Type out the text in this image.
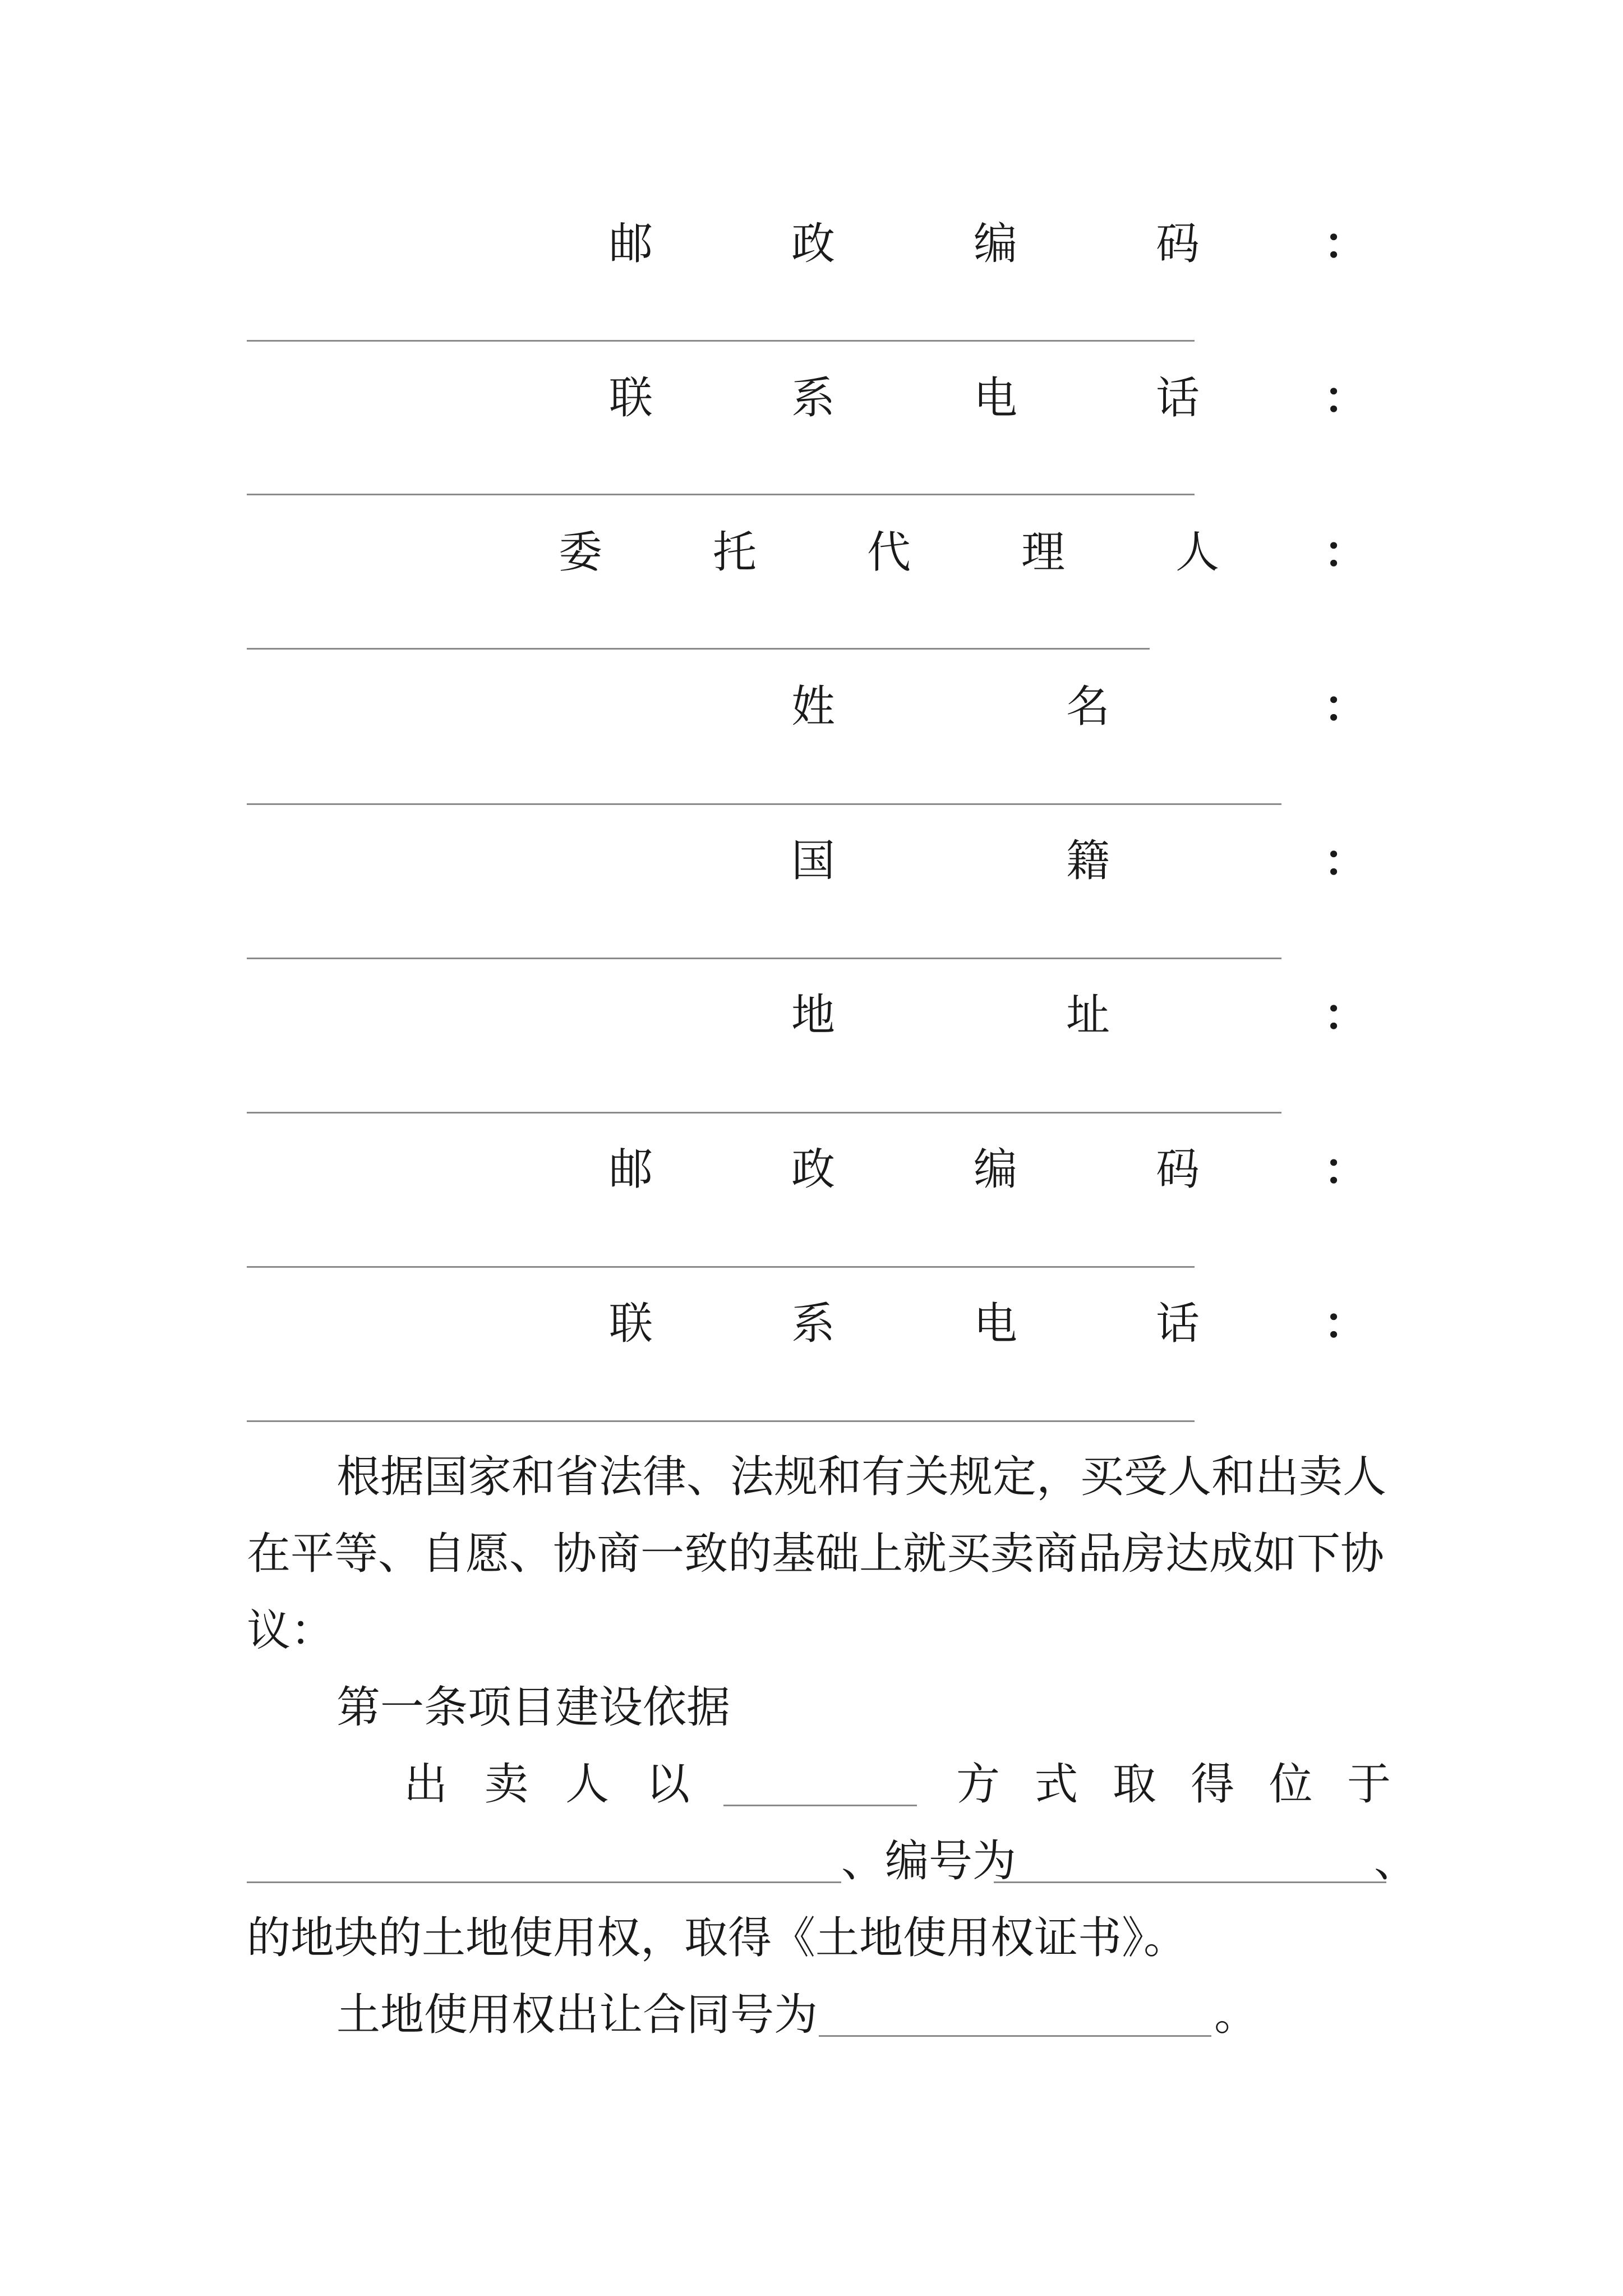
邮	政	编	码	：
联	系	电	话	：
委	托	代	理	人 ：
姓	名	：
国	籍	：
地	址	：
邮	政	编	码	：
联	系	电	话	：
根据国家和省法律、法规和有关规定，买受人和出卖人在平等、自愿、协商一致的基础上就买卖商品房达成如下协议：
第一条项目建设依据
出 卖 人 以	方 式 取 得 位 于
、编号为	、
的地块的土地使用权，取得《土地使用权证书》。
土地使用权出让合同号为	。
